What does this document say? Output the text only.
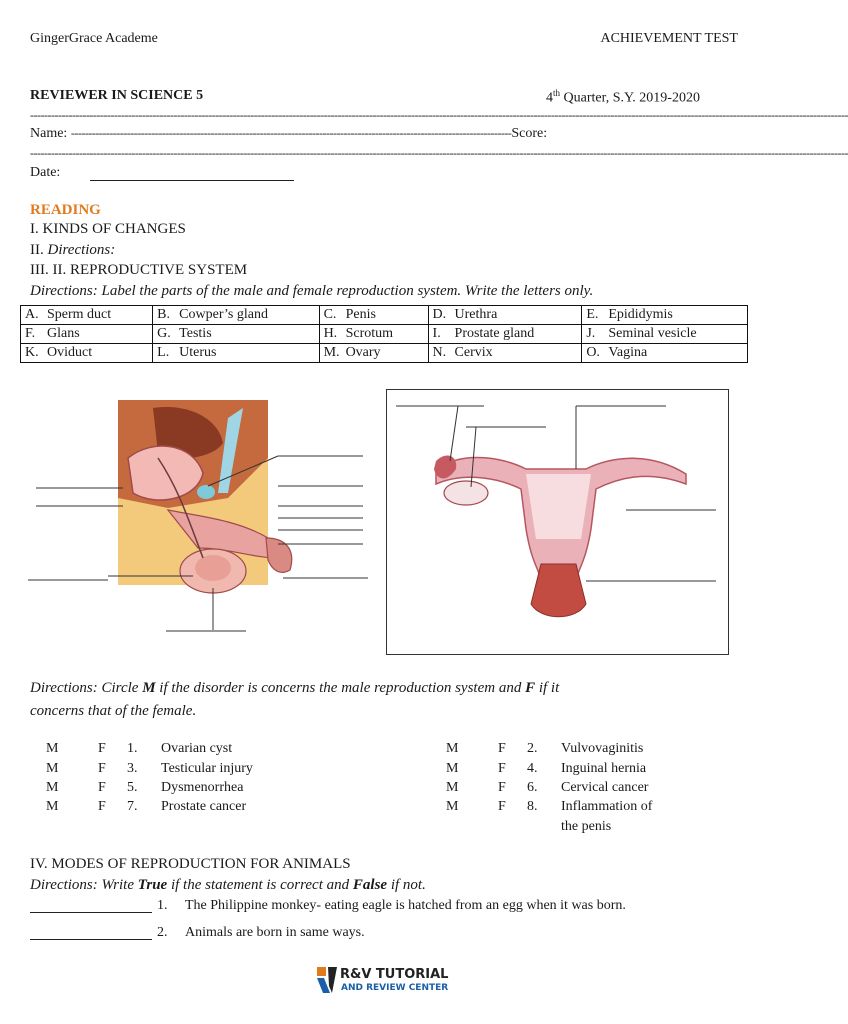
GingerGrace Academe	ACHIEVEMENT TEST
REVIEWER IN SCIENCE 5	4th Quarter, S.Y. 2019-2020
------------------------------------------------------------------------------------------------------------------------------------------------------------------------------------------------------------------------------------------
Name: ------------------------------------------------------------------------------------------------------------------------------Score:
------------------------------------------------------------------------------------------------------------------------------------------------------------------------------------------------------------------------------------------
Date:
READING
I. KINDS OF CHANGES
II. Directions:
III. II. REPRODUCTIVE SYSTEM
Directions: Label the parts of the male and female reproduction system. Write the letters only.
A. Sperm duct	B. Cowper’s gland	C. Penis	D. Urethra	E. Epididymis
F. Glans	G. Testis	H. Scrotum	I. Prostate gland	J. Seminal vesicle
K. Oviduct	L. Uterus	M. Ovary	N. Cervix	O. Vagina
Directions: Circle M if the disorder is concerns the male reproduction system and F if it
concerns that of the female.
M	F 1. Ovarian cyst	M	F 2. Vulvovaginitis
M	F 3. Testicular injury	M	F 4. Inguinal hernia
M	F 5. Dysmenorrhea	M	F 6. Cervical cancer
M	F 7. Prostate cancer	M	F 8. Inflammation of
the penis
IV. MODES OF REPRODUCTION FOR ANIMALS
Directions: Write True if the statement is correct and False if not.
1. The Philippine monkey- eating eagle is hatched from an egg when it was born.
2. Animals are born in same ways.
R&V TUTORIAL
AND REVIEW CENTER
